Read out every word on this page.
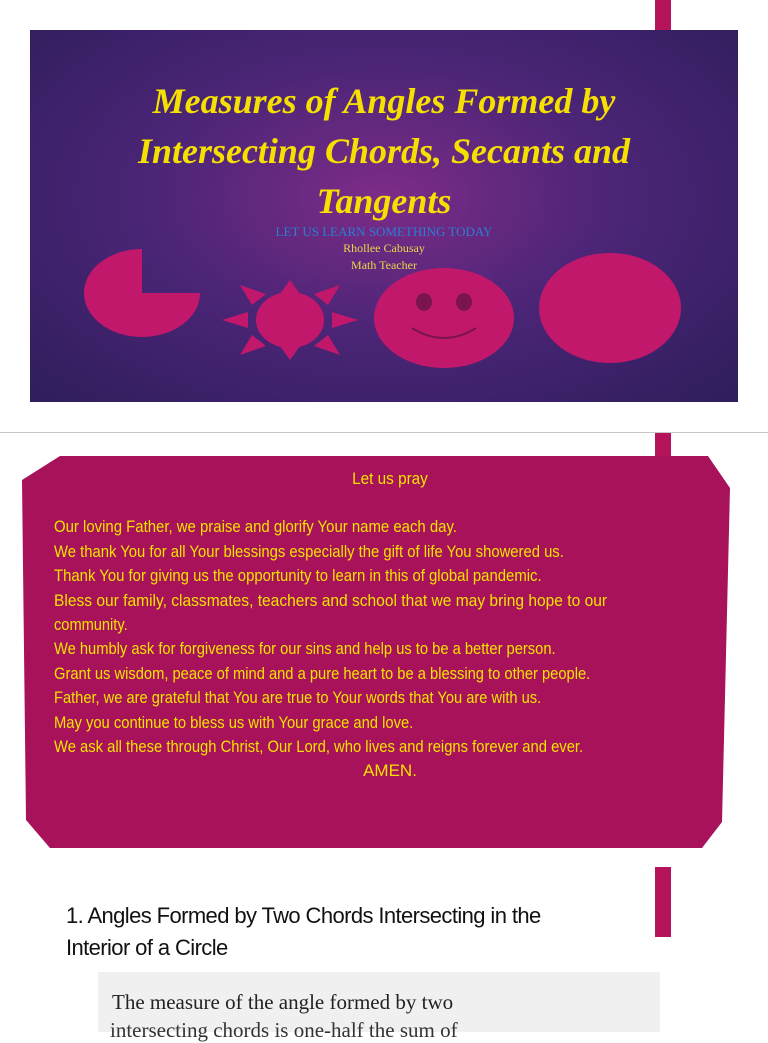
Measures of Angles Formed by
Intersecting Chords, Secants and
Tangents
LET US LEARN SOMETHING TODAY
Rhollee Cabusay
Math Teacher
Let us pray
Our loving Father, we praise and glorify Your name each day.
We thank You for all Your blessings especially the gift of life You showered us.
Thank You for giving us the opportunity to learn in this of global pandemic.
Bless our family, classmates, teachers and school that we may bring hope to our
community.
We humbly ask for forgiveness for our sins and help us to be a better person.
Grant us wisdom, peace of mind and a pure heart to be a blessing to other people.
Father, we are grateful that You are true to Your words that You are with us.
May you continue to bless us with Your grace and love.
We ask all these through Christ, Our Lord, who lives and reigns forever and ever.
AMEN.
1. Angles Formed by Two Chords Intersecting in the
Interior of a Circle
The measure of the angle formed by two
intersecting chords is one-half the sum of
